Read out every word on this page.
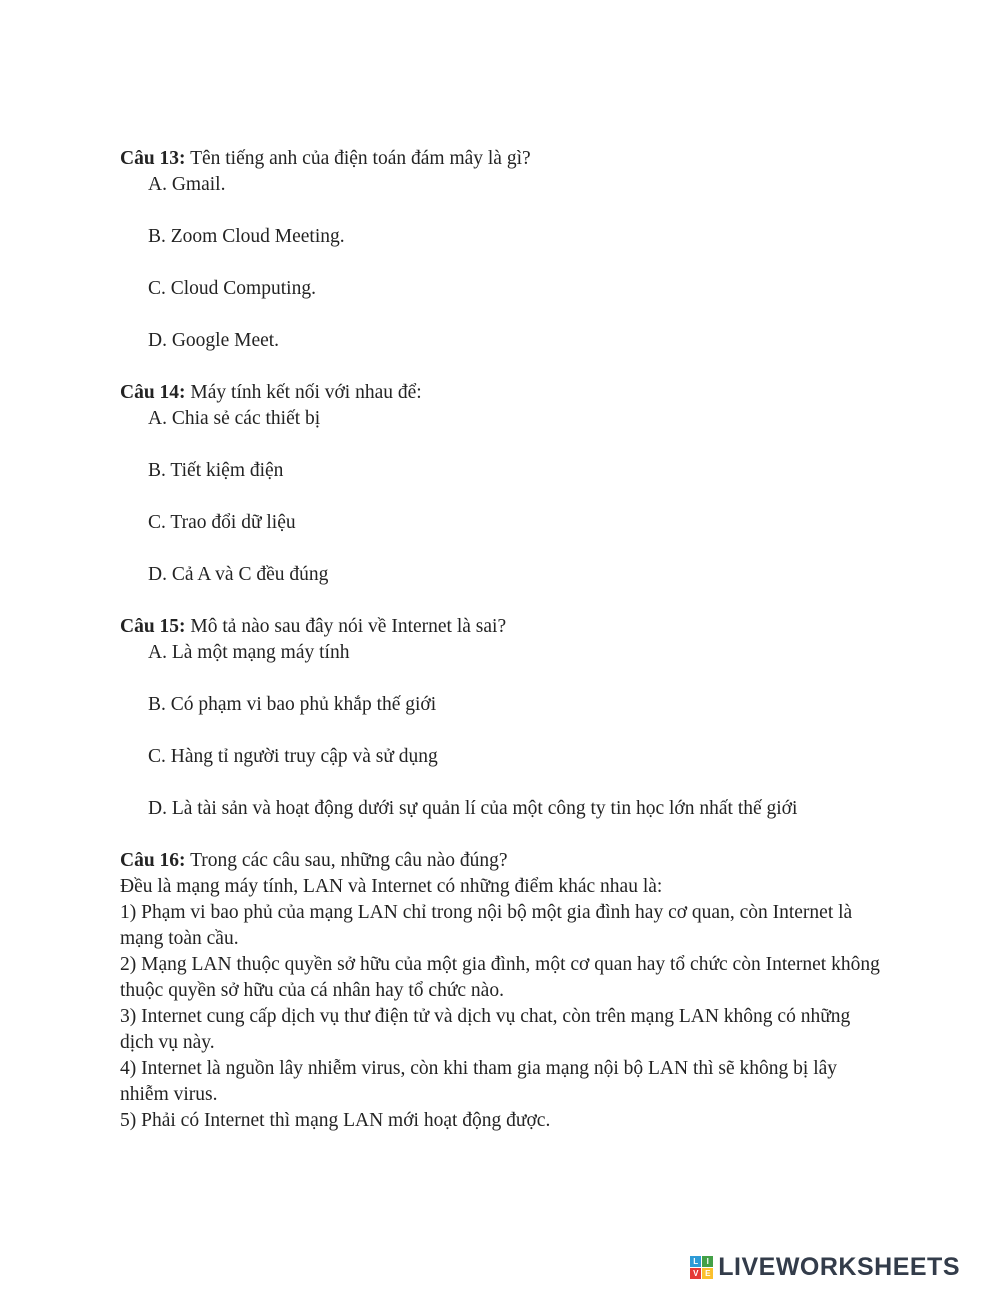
Câu 13: Tên tiếng anh của điện toán đám mây là gì?

A. Gmail.

B. Zoom Cloud Meeting.

C. Cloud Computing.

D. Google Meet.

Câu 14: Máy tính kết nối với nhau để:

A. Chia sẻ các thiết bị

B. Tiết kiệm điện

C. Trao đổi dữ liệu

D. Cả A và C đều đúng

Câu 15: Mô tả nào sau đây nói về Internet là sai?

A. Là một mạng máy tính

B. Có phạm vi bao phủ khắp thế giới

C. Hàng tỉ người truy cập và sử dụng

D. Là tài sản và hoạt động dưới sự quản lí của một công ty tin học lớn nhất thế giới

Câu 16: Trong các câu sau, những câu nào đúng?

Đều là mạng máy tính, LAN và Internet có những điểm khác nhau là:

1) Phạm vi bao phủ của mạng LAN chỉ trong nội bộ một gia đình hay cơ quan, còn Internet là mạng toàn cầu.

2) Mạng LAN thuộc quyền sở hữu của một gia đình, một cơ quan hay tổ chức còn Internet không thuộc quyền sở hữu của cá nhân hay tổ chức nào.

3) Internet cung cấp dịch vụ thư điện tử và dịch vụ chat, còn trên mạng LAN không có những dịch vụ này.

4) Internet là nguồn lây nhiễm virus, còn khi tham gia mạng nội bộ LAN thì sẽ không bị lây nhiễm virus.

5) Phải có Internet thì mạng LAN mới hoạt động được.

L	I
V E LIVEWORKSHEETS
